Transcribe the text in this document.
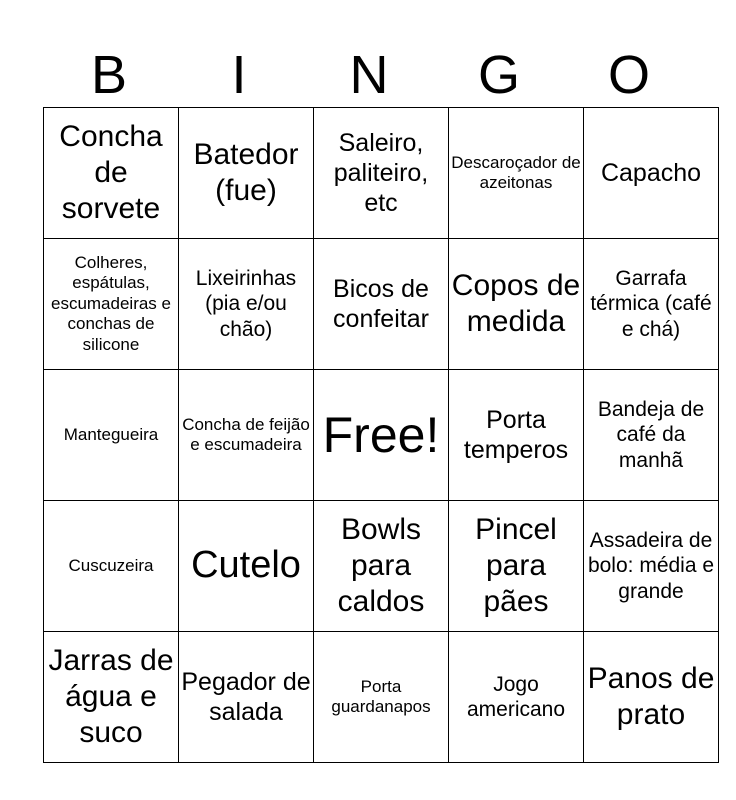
B	I	N	G	O
Concha de sorvete	Batedor (fue)	Saleiro, paliteiro, etc	Descaroçador de azeitonas	Capacho
Colheres, espátulas, escumadeiras e conchas de silicone	Lixeirinhas (pia e/ou chão)	Bicos de confeitar	Copos de medida	Garrafa térmica (café e chá)
Mantegueira	Concha de feijão e escumadeira	Free!	Porta temperos	Bandeja de café da manhã
Cuscuzeira	Cutelo	Bowls para caldos	Pincel para pães	Assadeira de bolo: média e grande
Jarras de água e suco	Pegador de salada	Porta guardanapos	Jogo americano	Panos de prato
